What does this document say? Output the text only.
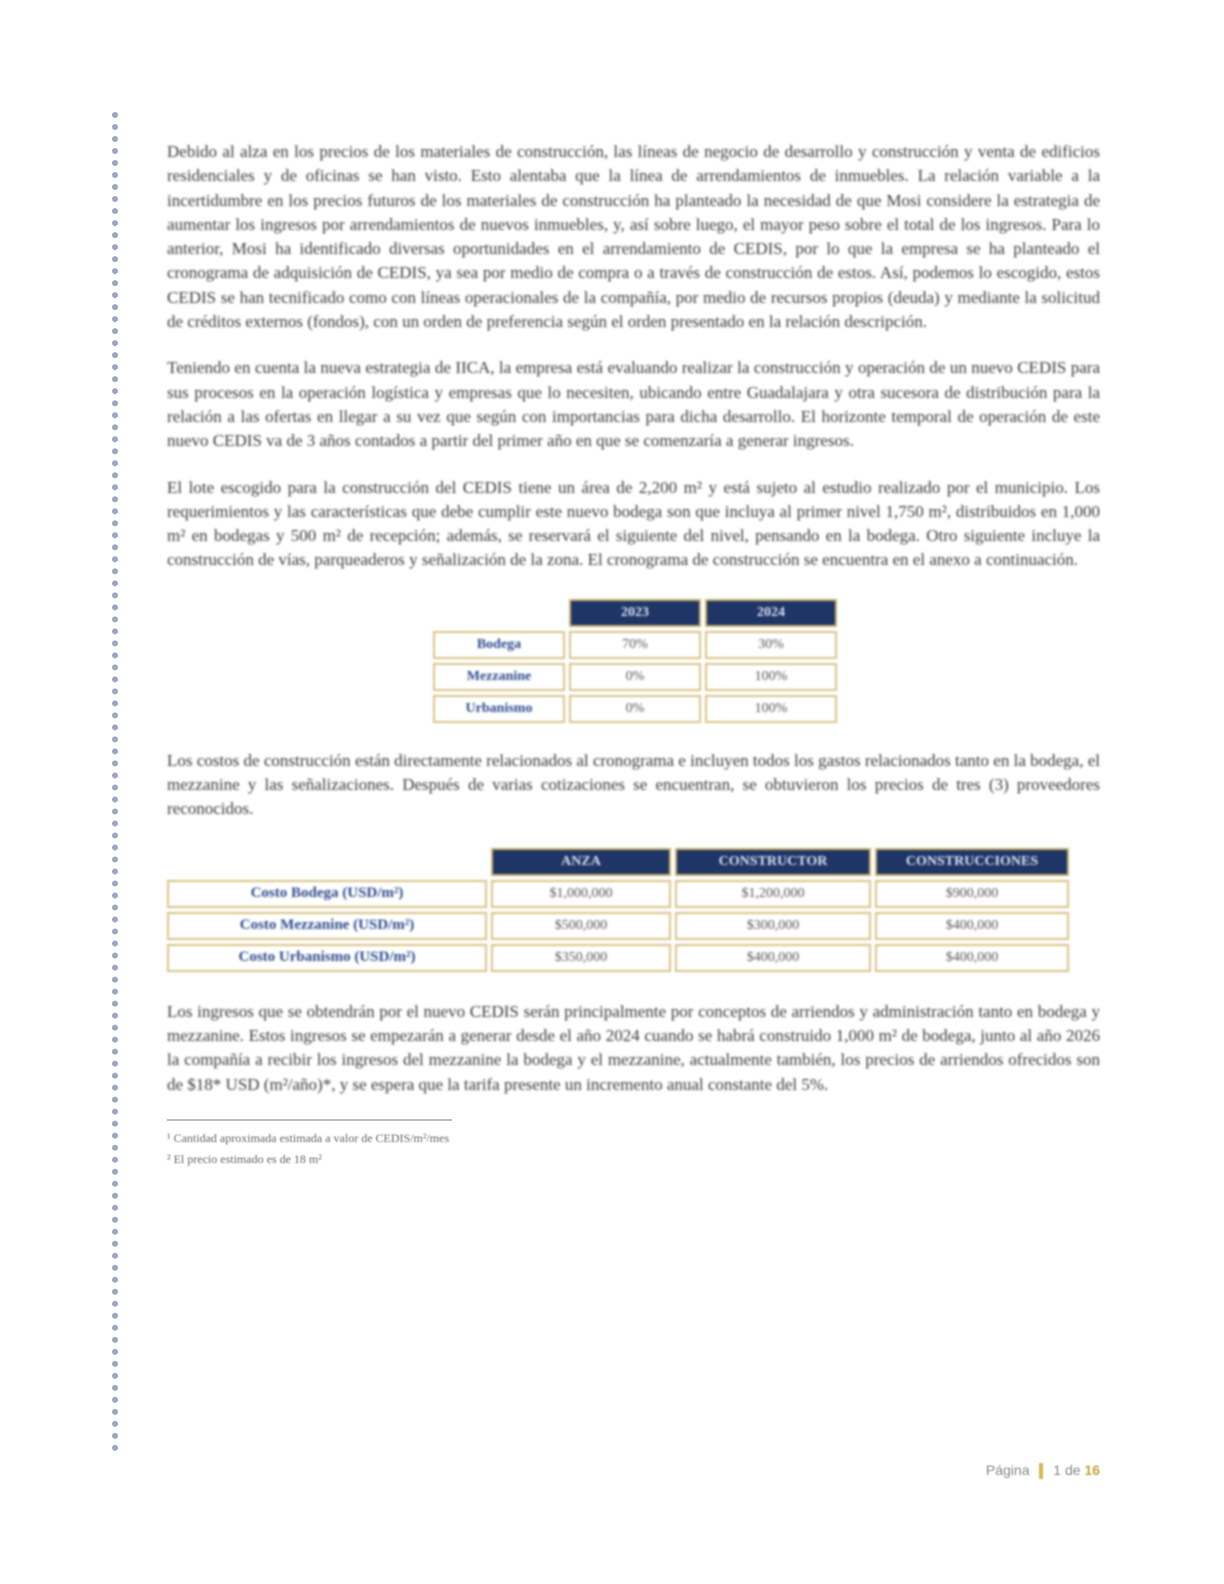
Debido al alza en los precios de los materiales de construcción, las líneas de negocio de desarrollo y construcción y venta de edificios residenciales y de oficinas se han visto. Esto alentaba que la línea de arrendamientos de inmuebles. La relación variable a la incertidumbre en los precios futuros de los materiales de construcción ha planteado la necesidad de que Mosi considere la estrategia de aumentar los ingresos por arrendamientos de nuevos inmuebles, y, así sobre luego, el mayor peso sobre el total de los ingresos. Para lo anterior, Mosi ha identificado diversas oportunidades en el arrendamiento de CEDIS, por lo que la empresa se ha planteado el cronograma de adquisición de CEDIS, ya sea por medio de compra o a través de construcción de estos. Así, podemos lo escogido, estos CEDIS se han tecnificado como con líneas operacionales de la compañía, por medio de recursos propios (deuda) y mediante la solicitud de créditos externos (fondos), con un orden de preferencia según el orden presentado en la relación descripción.

Teniendo en cuenta la nueva estrategia de IICA, la empresa está evaluando realizar la construcción y operación de un nuevo CEDIS para sus procesos en la operación logística y empresas que lo necesiten, ubicando entre Guadalajara y otra sucesora de distribución para la relación a las ofertas en llegar a su vez que según con importancias para dicha desarrollo. El horizonte temporal de operación de este nuevo CEDIS va de 3 años contados a partir del primer año en que se comenzaría a generar ingresos.

El lote escogido para la construcción del CEDIS tiene un área de 2,200 m² y está sujeto al estudio realizado por el municipio. Los requerimientos y las características que debe cumplir este nuevo bodega son que incluya al primer nivel 1,750 m², distribuidos en 1,000 m² en bodegas y 500 m² de recepción; además, se reservará el siguiente del nivel, pensando en la bodega. Otro siguiente incluye la construcción de vías, parqueaderos y señalización de la zona. El cronograma de construcción se encuentra en el anexo a continuación.

	2023	2024
Bodega	70%	30%
Mezzanine	0%	100%
Urbanismo	0%	100%

Los costos de construcción están directamente relacionados al cronograma e incluyen todos los gastos relacionados tanto en la bodega, el mezzanine y las señalizaciones. Después de varias cotizaciones se encuentran, se obtuvieron los precios de tres (3) proveedores reconocidos.

	ANZA	CONSTRUCTOR	CONSTRUCCIONES
Costo Bodega (USD/m²)	$1,000,000	$1,200,000	$900,000
Costo Mezzanine (USD/m²)	$500,000	$300,000	$400,000
Costo Urbanismo (USD/m²)	$350,000	$400,000	$400,000

Los ingresos que se obtendrán por el nuevo CEDIS serán principalmente por conceptos de arriendos y administración tanto en bodega y mezzanine. Estos ingresos se empezarán a generar desde el año 2024 cuando se habrá construido 1,000 m² de bodega, junto al año 2026 la compañía a recibir los ingresos del mezzanine la bodega y el mezzanine, actualmente también, los precios de arriendos ofrecidos son de $18* USD (m²/año)*, y se espera que la tarifa presente un incremento anual constante del 5%.

¹ Cantidad aproximada estimada a valor de CEDIS/m²/mes

² El precio estimado es de 18 m²

Página 1 de 16
